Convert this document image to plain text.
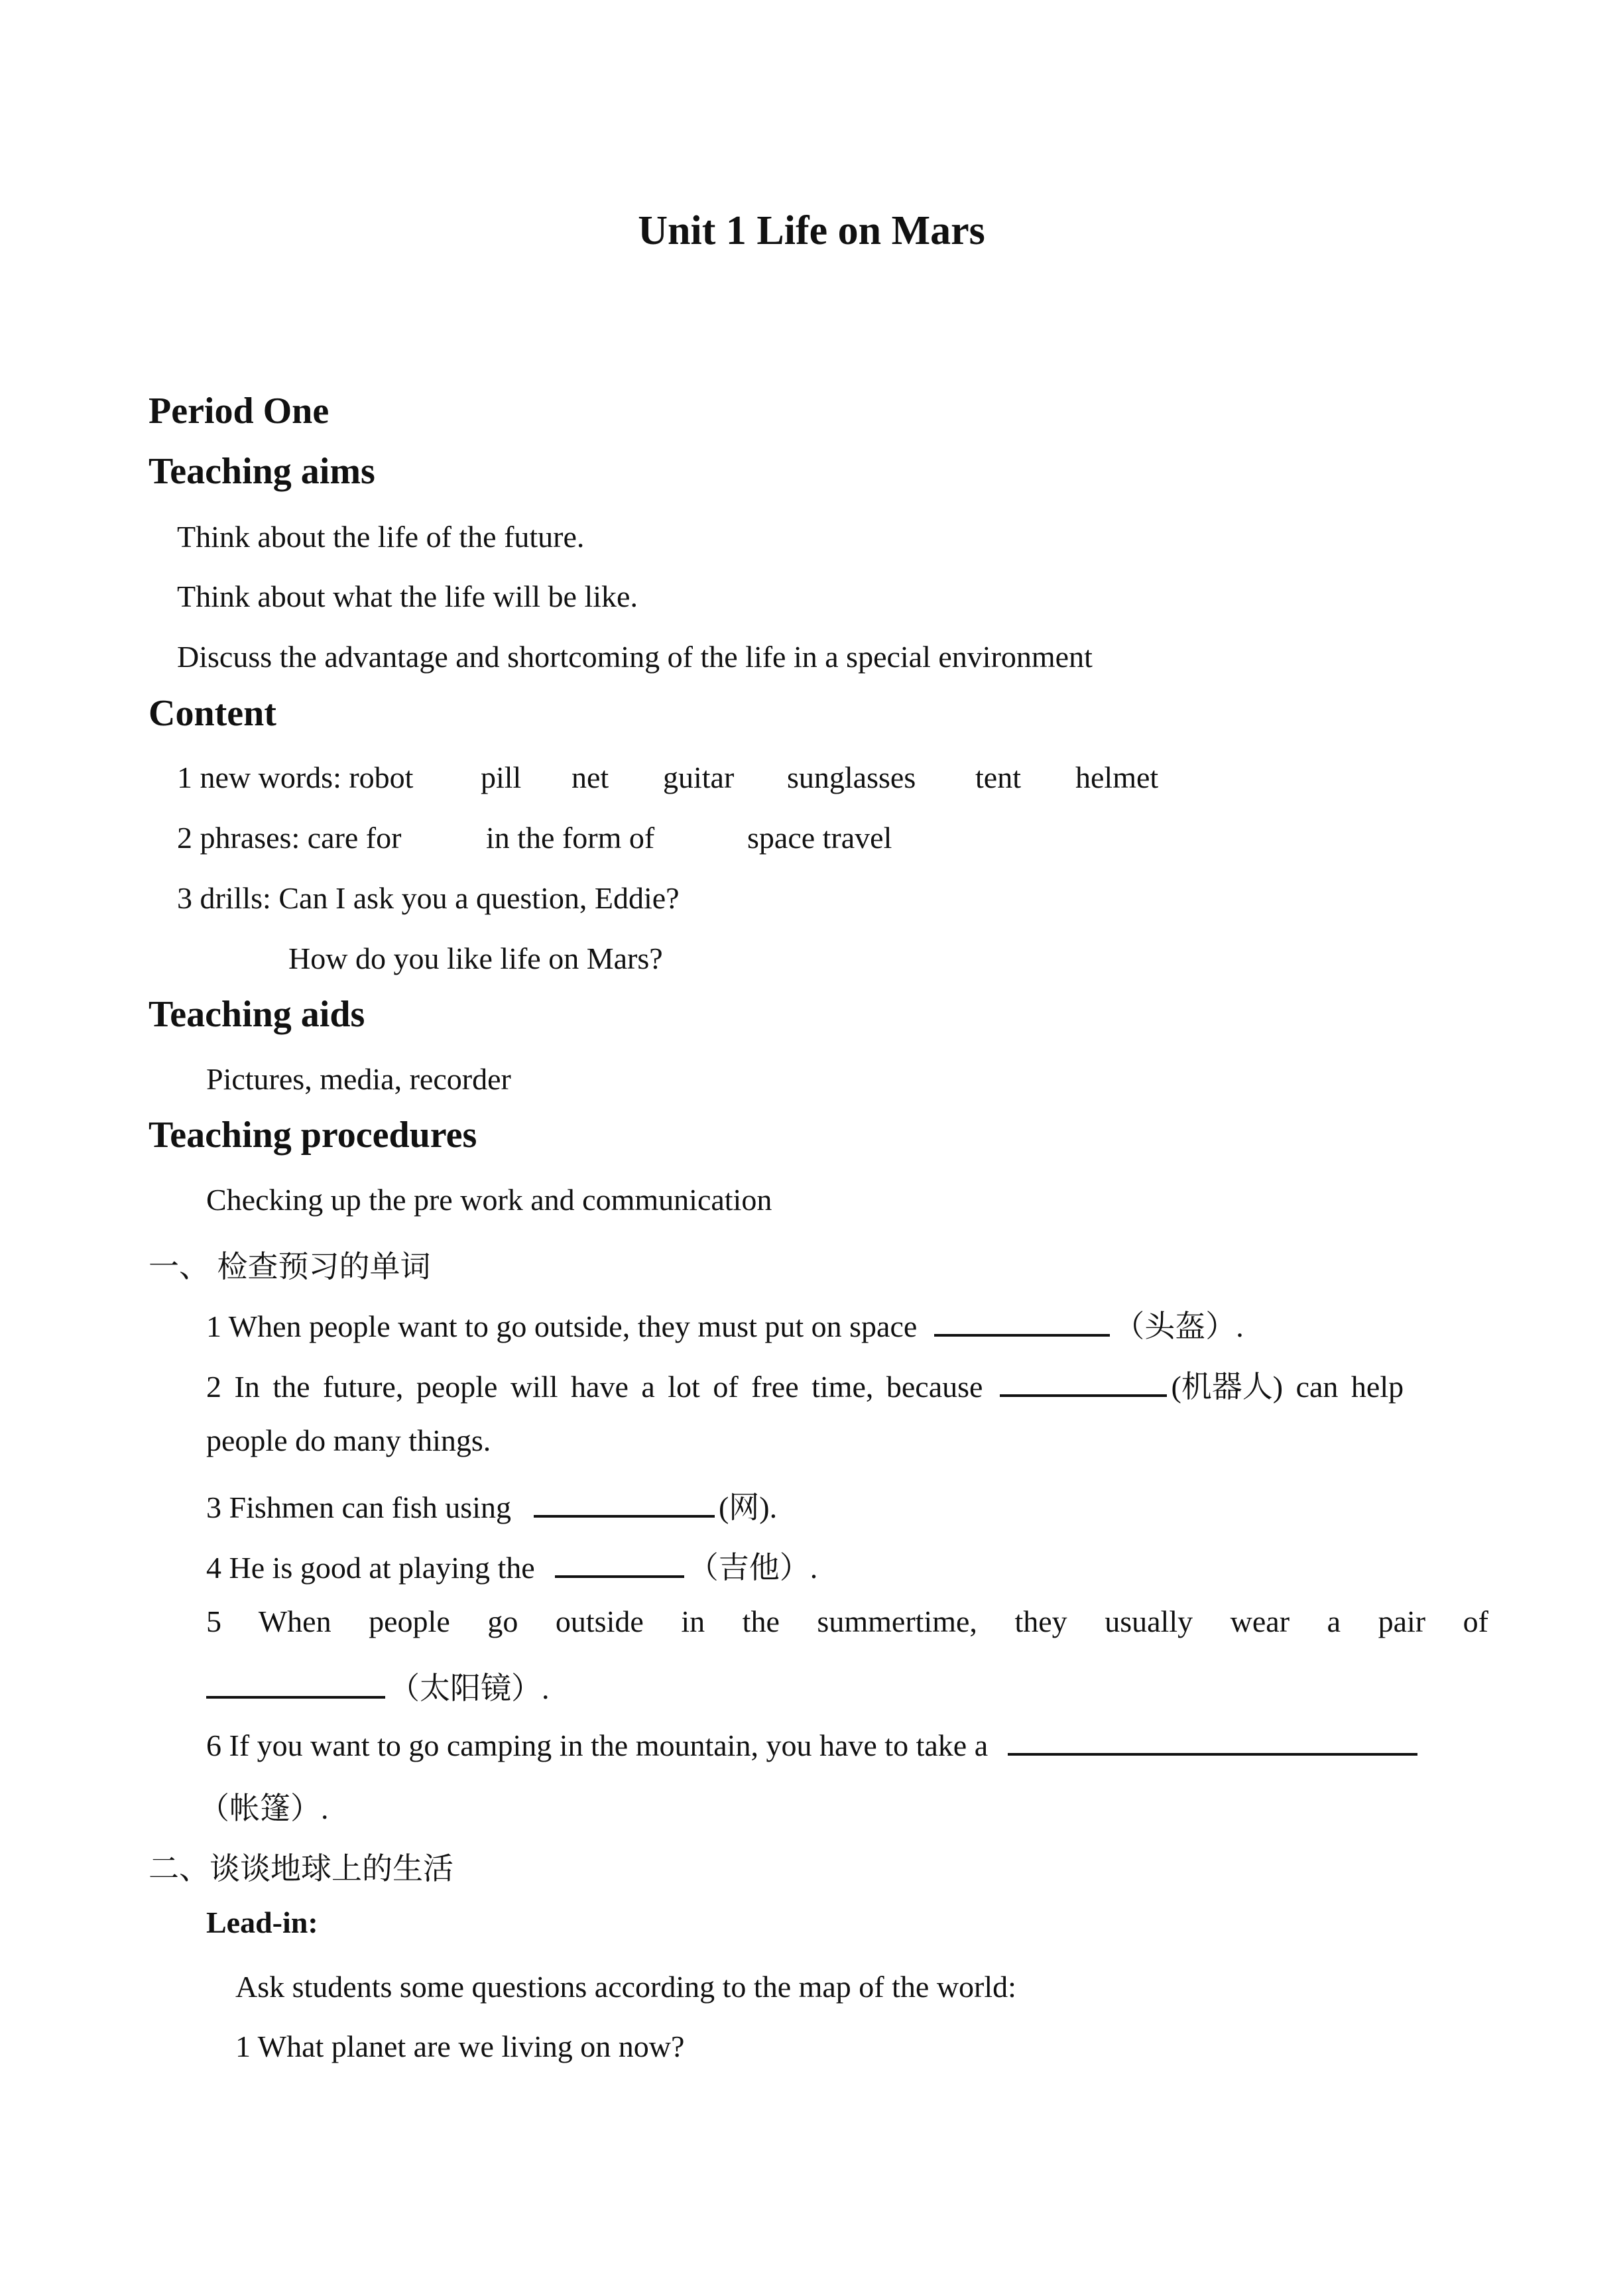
Unit 1 Life on Mars
Period One
Teaching aims
Think about the life of the future.
Think about what the life will be like.
Discuss the advantage and shortcoming of the life in a special environment
Content
1 new words: robot pill net guitar sunglasses tent helmet
2 phrases: care for	in the form of	space travel
3 drills: Can I ask you a question, Eddie?
How do you like life on Mars?
Teaching aids
Pictures, media, recorder
Teaching procedures
Checking up the pre work and communication
一、 检查预习的单词
1 When people want to go outside, they must put on space	（头盔）.
2 In the future, people will have a lot of free time, because	(机器人) can help
people do many things.
3 Fishmen can fish using	(网).
4 He is good at playing the	（吉他）.
5 When people go outside in the summertime, they usually wear a pair of
（太阳镜）.
6 If you want to go camping in the mountain, you have to take a
（帐篷）.
二、谈谈地球上的生活
Lead-in:
Ask students some questions according to the map of the world:
1 What planet are we living on now?
